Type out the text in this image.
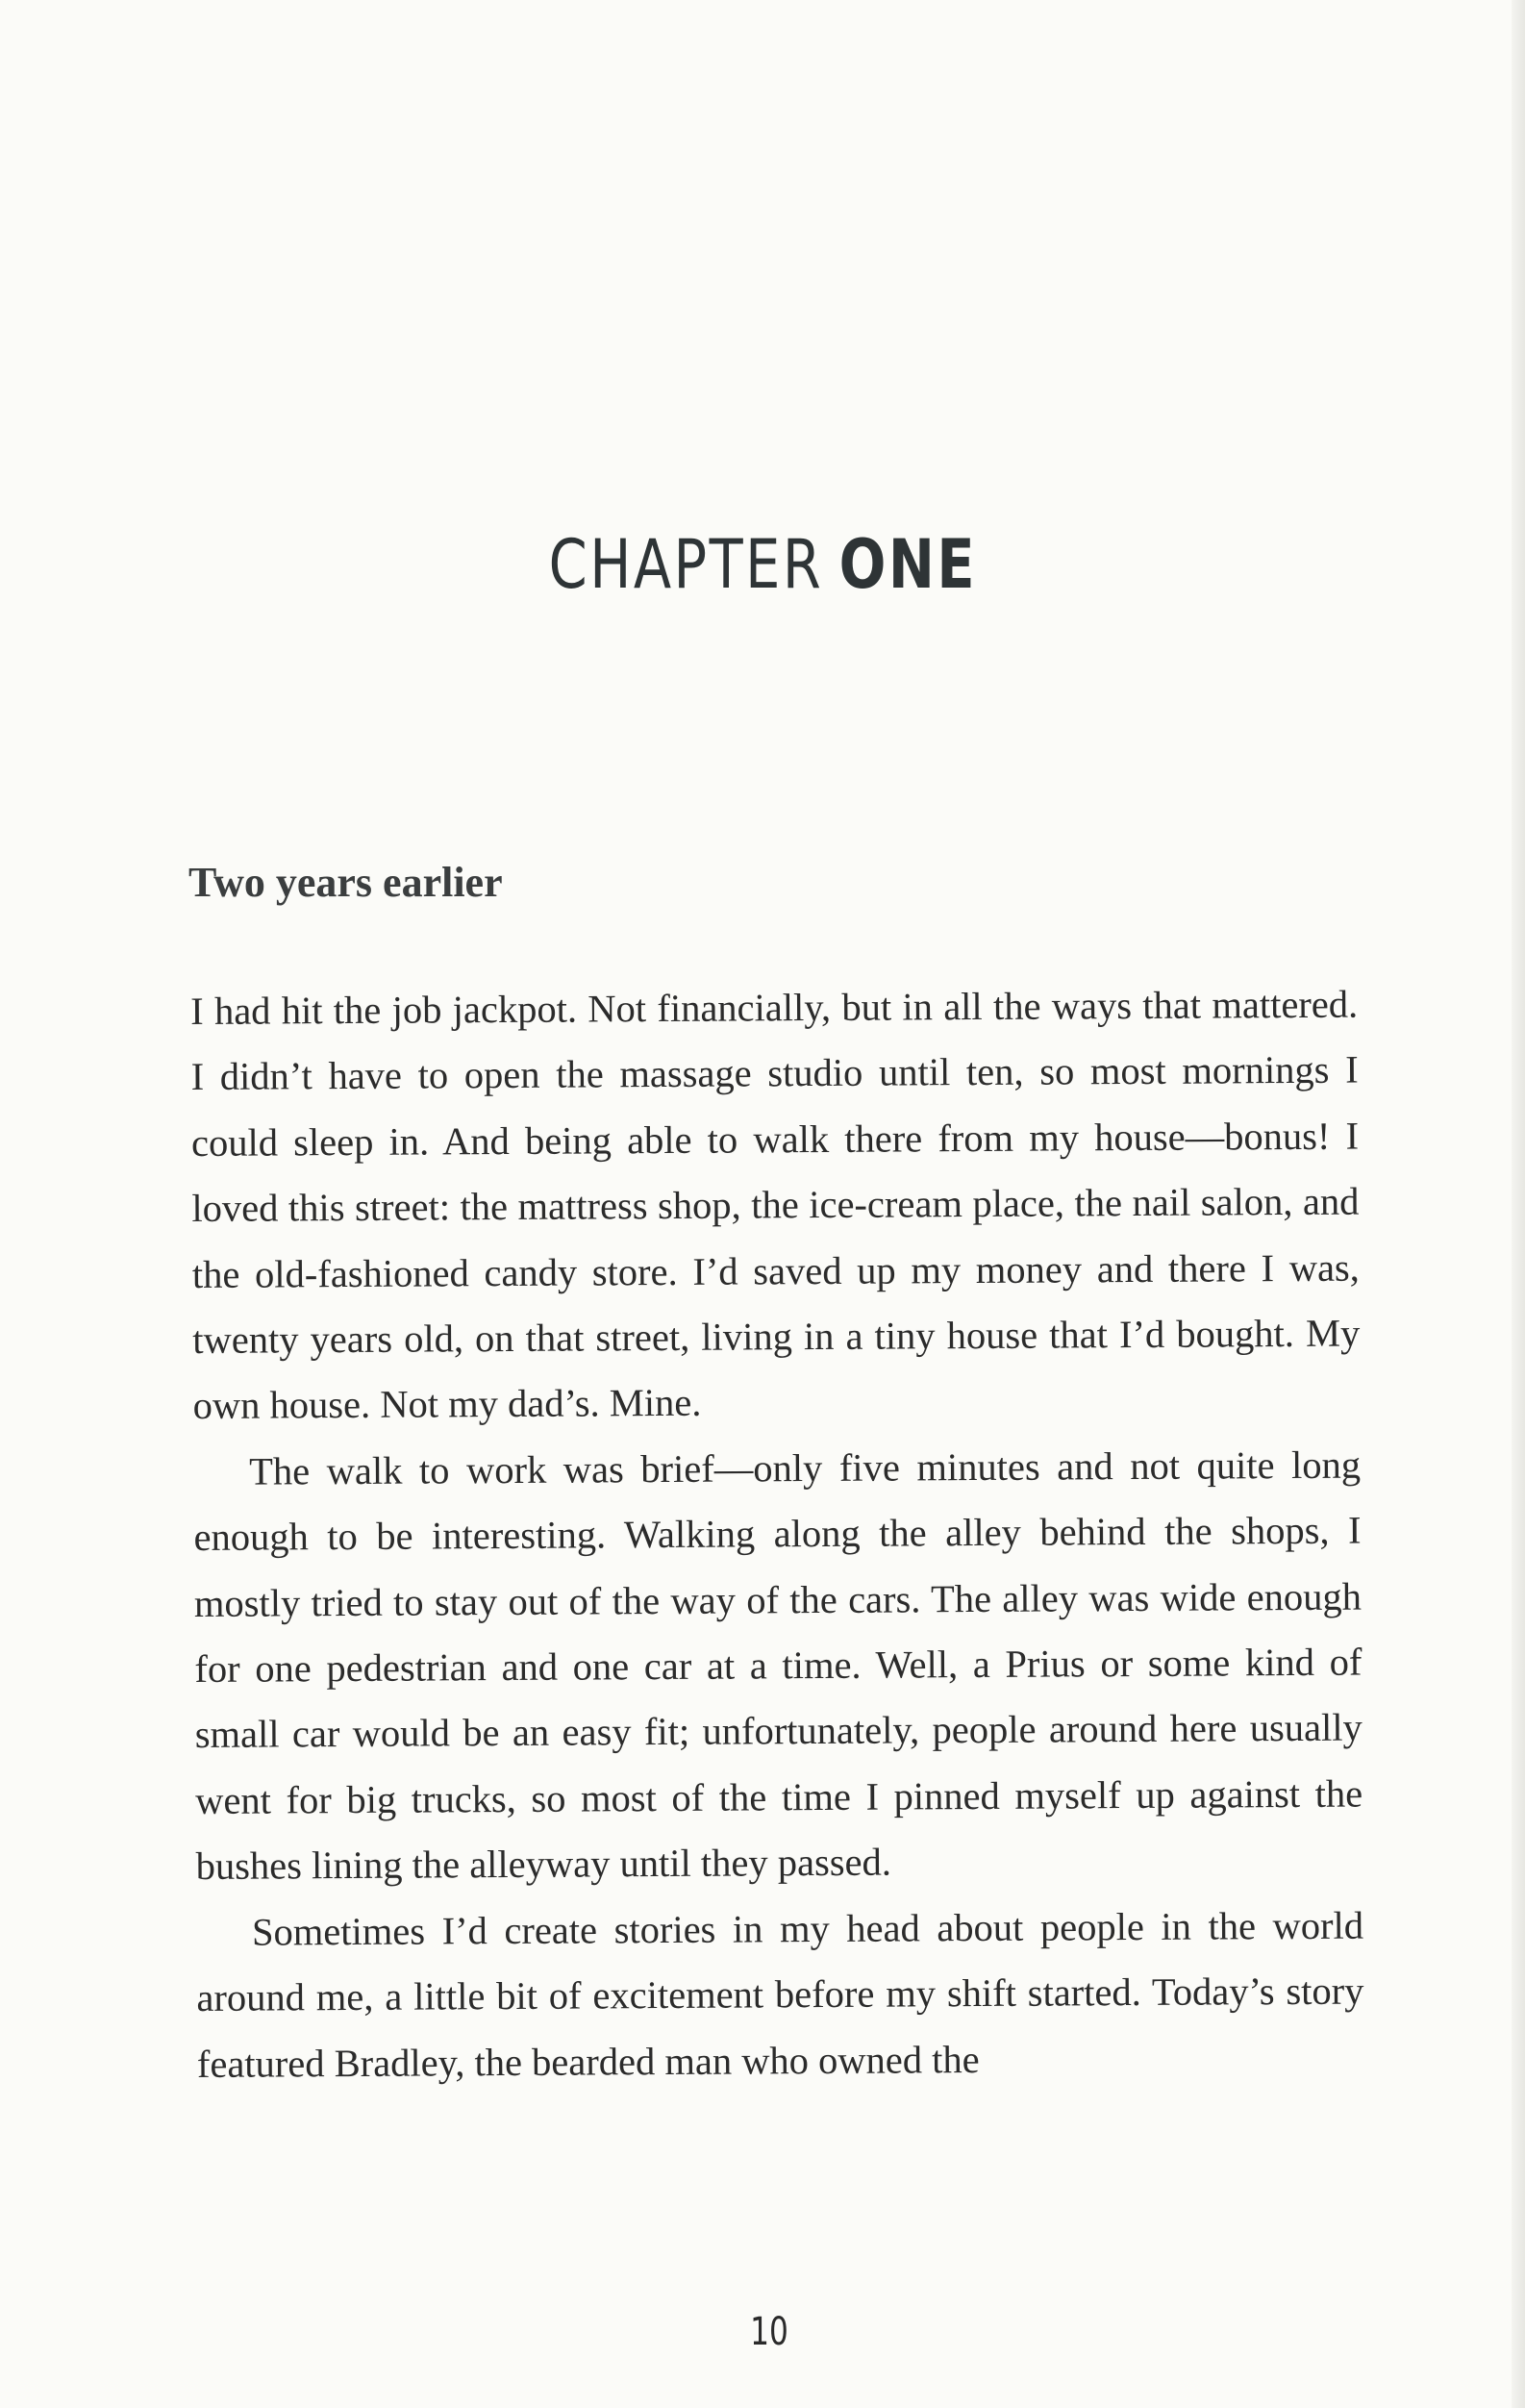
CHAPTER ONE
Two years earlier

I had hit the job jackpot. Not financially, but in all the ways that mattered. I didn’t have to open the massage studio until ten, so most mornings I could sleep in. And being able to walk there from my house—bonus! I loved this street: the mattress shop, the ice-cream place, the nail salon, and the old-fashioned candy store. I’d saved up my money and there I was, twenty years old, on that street, living in a tiny house that I’d bought. My own house. Not my dad’s. Mine.

The walk to work was brief—only five minutes and not quite long enough to be interesting. Walking along the alley behind the shops, I mostly tried to stay out of the way of the cars. The alley was wide enough for one pedestrian and one car at a time. Well, a Prius or some kind of small car would be an easy fit; unfortunately, people around here usually went for big trucks, so most of the time I pinned myself up against the bushes lining the alleyway until they passed.

Sometimes I’d create stories in my head about people in the world around me, a little bit of excitement before my shift started. Today’s story featured Bradley, the bearded man who owned the

10
